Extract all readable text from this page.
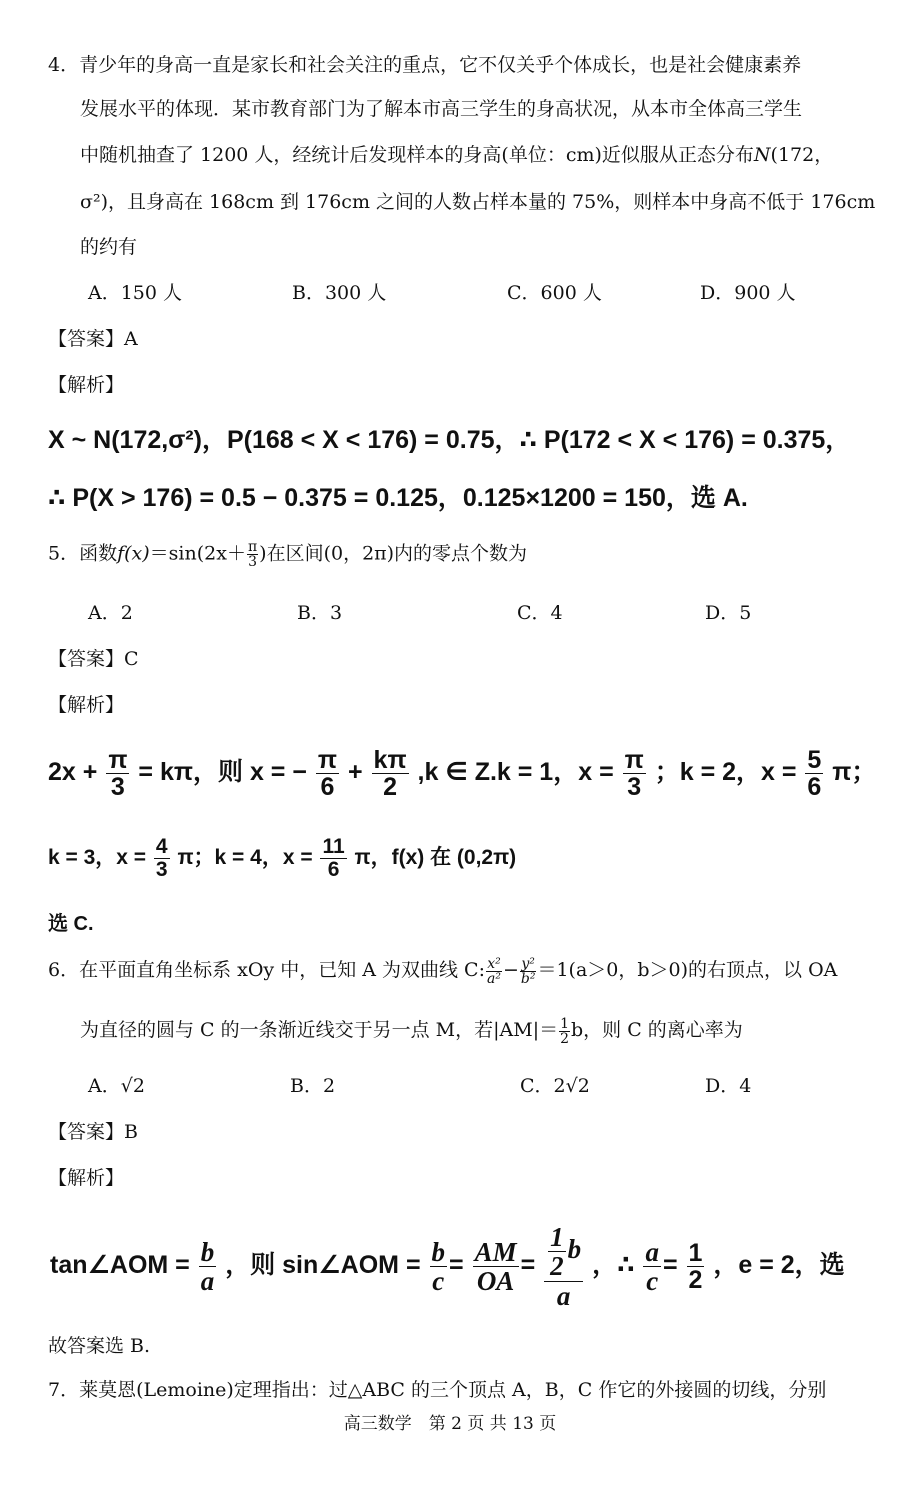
4．青少年的身高一直是家长和社会关注的重点，它不仅关乎个体成长，也是社会健康素养
发展水平的体现．某市教育部门为了解本市高三学生的身高状况，从本市全体高三学生
中随机抽查了 1200 人，经统计后发现样本的身高(单位：cm)近似服从正态分布N(172，
σ²)，且身高在 168cm 到 176cm 之间的人数占样本量的 75%，则样本中身高不低于 176cm
的约有
A．150 人	B．300 人	C．600 人	D．900 人
【答案】A
【解析】
X ~ N(172,σ²)，P(168 < X < 176) = 0.75，∴ P(172 < X < 176) = 0.375，
∴ P(X > 176) = 0.5 − 0.375 = 0.125，0.125×1200 = 150，选 A.
5．函数$f(x)=\sin(2x+ \frac{\pi}{3}$ )在区间(0，2π)内的零点个数为
A．2	B．3	C．4	D．5
【答案】C
【解析】
$2x + \frac{\pi}{3} = k\pi$，则 x = − $\frac{\pi}{6} + \frac{k\pi}{2} ,k$ ∈ Z.k = 1，$x = \frac{\pi}{3}$ ；k = 2，$x = \frac{5}{6}$ π；
k = 3，$x = \frac{4}{3}$ π；k = 4，$x = \frac{11}{6}$ π，f(x) 在 (0,2π)
选 C.
6．在平面直角坐标系 xOy 中，已知 A 为双曲线 C: $\frac{\text{x²}}{\text{a²}} - \frac{\text{y²}}{\text{b²}} =1(a>0$，b＞0)的右顶点，以 OA
为直径的圆与 C 的一条渐近线交于另一点 M，若$|AM|= \frac{1}{2}$ b，则 C 的离心率为
A．√2	B．2	C．2√2	D．4
【答案】B
【解析】
tan∠AOM = $\frac{b}{a}$ ，则 sin∠AOM = $\frac{b}{c} = \frac{AM}{OA} = \frac{\frac{1}{2} b}{a}$ ，∴ $\frac{a}{c} = \frac{1}{2}$ ，e = 2，选
故答案选 B.
7．莱莫恩(Lemoine)定理指出：过△ABC 的三个顶点 A，B，C 作它的外接圆的切线，分别
高三数学　第 2 页 共 13 页
